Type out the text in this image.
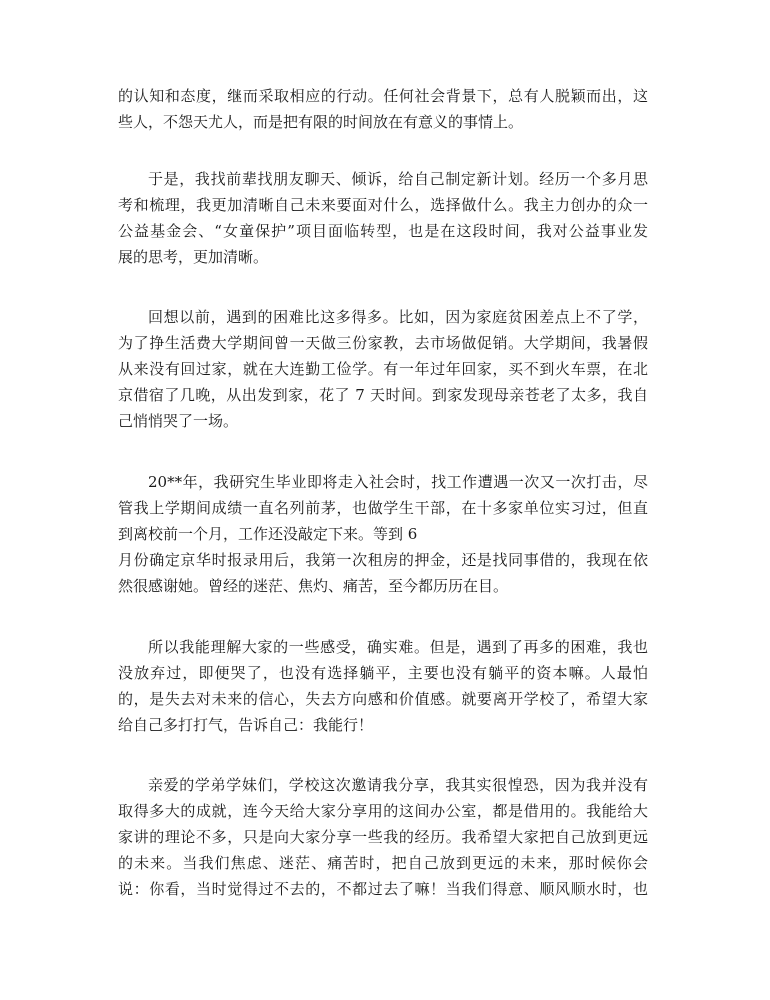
的认知和态度，继而采取相应的行动。任何社会背景下，总有人脱颖而出，这
些人，不怨天尤人，而是把有限的时间放在有意义的事情上。
于是，我找前辈找朋友聊天、倾诉，给自己制定新计划。经历一个多月思
考和梳理，我更加清晰自己未来要面对什么，选择做什么。我主力创办的众一
公益基金会、“女童保护”项目面临转型，也是在这段时间，我对公益事业发
展的思考，更加清晰。
回想以前，遇到的困难比这多得多。比如，因为家庭贫困差点上不了学，
为了挣生活费大学期间曾一天做三份家教，去市场做促销。大学期间，我暑假
从来没有回过家，就在大连勤工俭学。有一年过年回家，买不到火车票，在北
京借宿了几晚，从出发到家，花了 7 天时间。到家发现母亲苍老了太多，我自
己悄悄哭了一场。
20**年，我研究生毕业即将走入社会时，找工作遭遇一次又一次打击，尽
管我上学期间成绩一直名列前茅，也做学生干部，在十多家单位实习过，但直
到离校前一个月，工作还没敲定下来。等到 6
月份确定京华时报录用后，我第一次租房的押金，还是找同事借的，我现在依
然很感谢她。曾经的迷茫、焦灼、痛苦，至今都历历在目。
所以我能理解大家的一些感受，确实难。但是，遇到了再多的困难，我也
没放弃过，即便哭了，也没有选择躺平，主要也没有躺平的资本嘛。人最怕
的，是失去对未来的信心，失去方向感和价值感。就要离开学校了，希望大家
给自己多打打气，告诉自己：我能行！
亲爱的学弟学妹们，学校这次邀请我分享，我其实很惶恐，因为我并没有
取得多大的成就，连今天给大家分享用的这间办公室，都是借用的。我能给大
家讲的理论不多，只是向大家分享一些我的经历。我希望大家把自己放到更远
的未来。当我们焦虑、迷茫、痛苦时，把自己放到更远的未来，那时候你会
说：你看，当时觉得过不去的，不都过去了嘛！当我们得意、顺风顺水时，也
